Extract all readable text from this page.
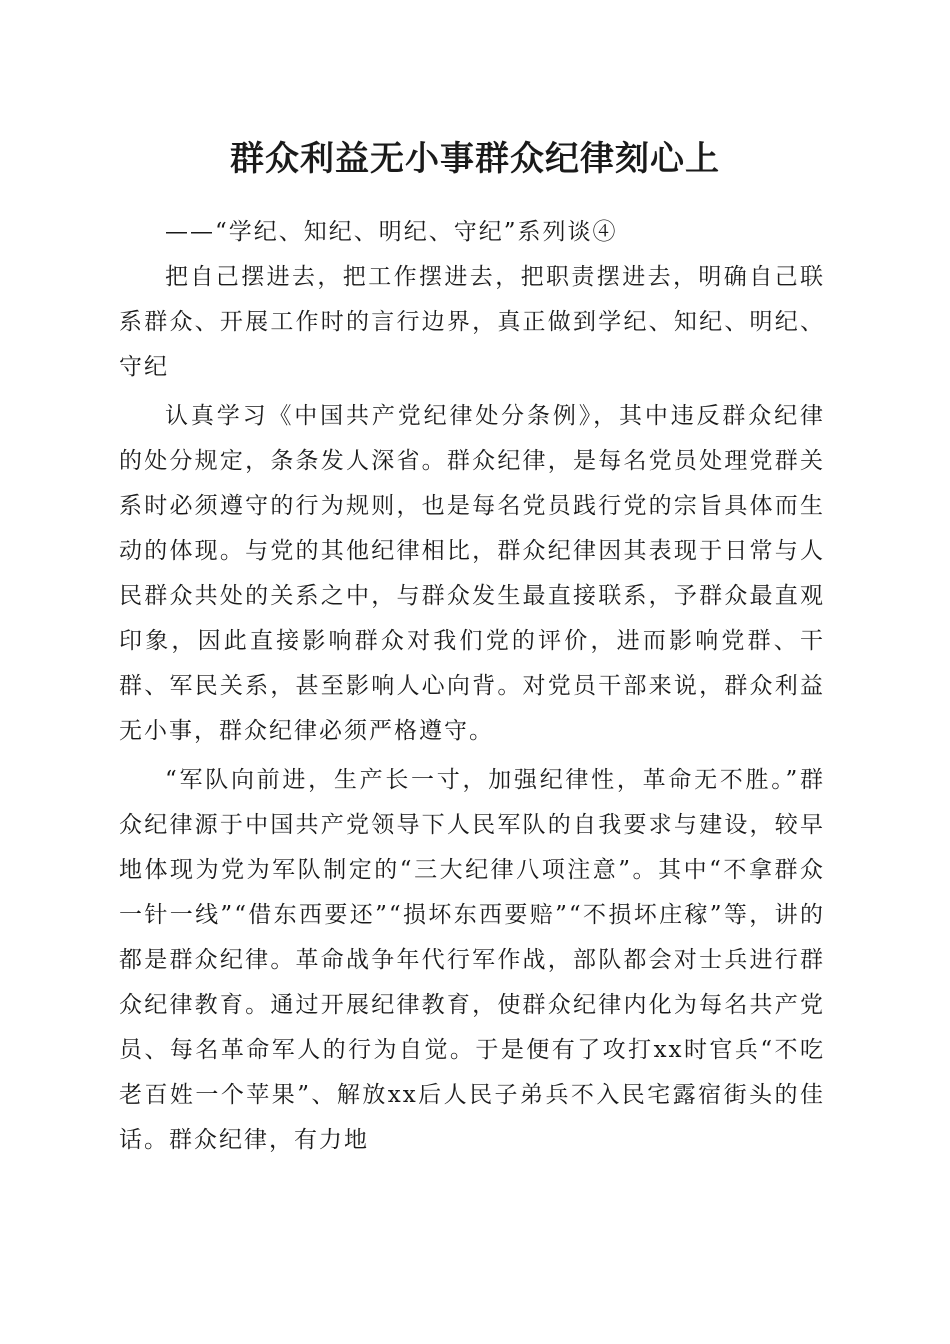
群众利益无小事群众纪律刻心上

——“学纪、知纪、明纪、守纪”系列谈④

把自己摆进去，把工作摆进去，把职责摆进去，明确自己联系群众、开展工作时的言行边界，真正做到学纪、知纪、明纪、守纪

认真学习《中国共产党纪律处分条例》，其中违反群众纪律的处分规定，条条发人深省。群众纪律，是每名党员处理党群关系时必须遵守的行为规则，也是每名党员践行党的宗旨具体而生动的体现。与党的其他纪律相比，群众纪律因其表现于日常与人民群众共处的关系之中，与群众发生最直接联系，予群众最直观印象，因此直接影响群众对我们党的评价，进而影响党群、干群、军民关系，甚至影响人心向背。对党员干部来说，群众利益无小事，群众纪律必须严格遵守。

“军队向前进，生产长一寸，加强纪律性，革命无不胜。”群众纪律源于中国共产党领导下人民军队的自我要求与建设，较早地体现为党为军队制定的“三大纪律八项注意”。其中“不拿群众一针一线”“借东西要还”“损坏东西要赔”“不损坏庄稼”等，讲的都是群众纪律。革命战争年代行军作战，部队都会对士兵进行群众纪律教育。通过开展纪律教育，使群众纪律内化为每名共产党员、每名革命军人的行为自觉。于是便有了攻打xx时官兵“不吃老百姓一个苹果”、解放xx后人民子弟兵不入民宅露宿街头的佳话。群众纪律，有力地
